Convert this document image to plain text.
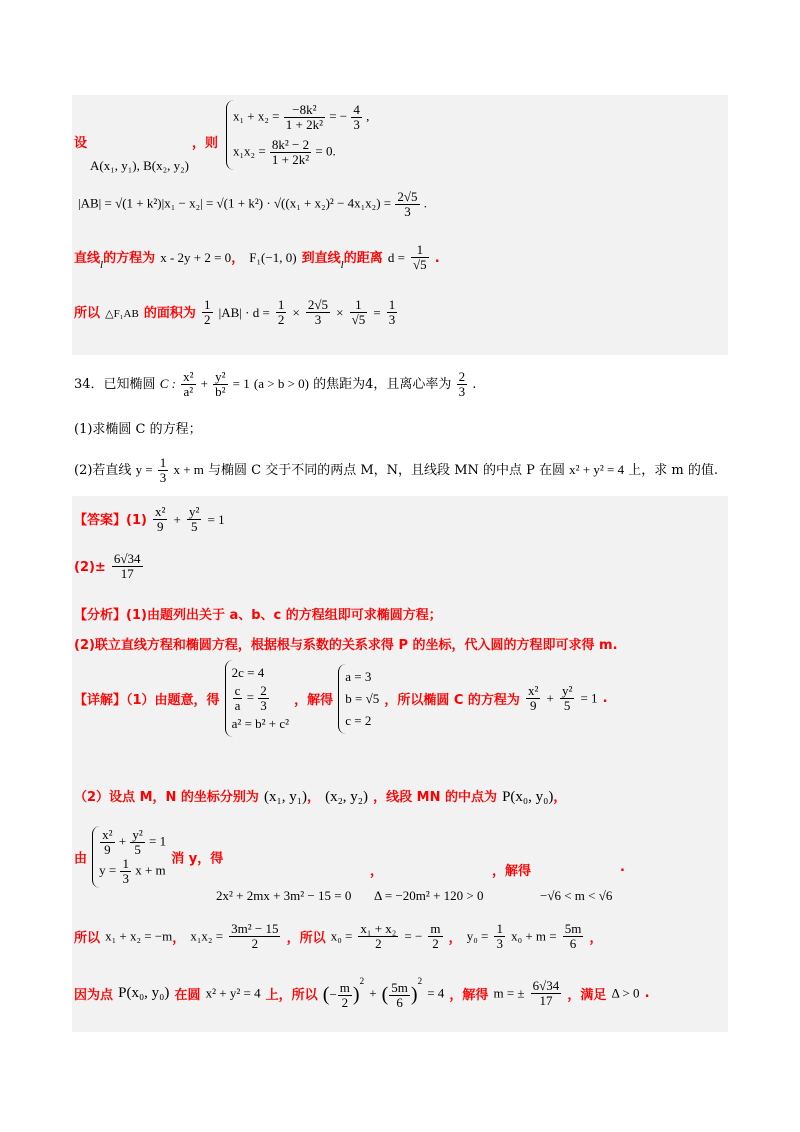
设
A(x₁, y₁), B(x₂, y₂)
，则
$x_1 + x_2 = \frac{\text{−8k²}}{\text{1 + 2k²}}$ = − $\frac{4}{3}$ ,
$x_1x_2 = \frac{\text{8k² − 2}}{\text{1 + 2k²}} = 0$.
$|AB| = √(1 + k^2)|x_1 - x_2| = √(1 + k^2) \cdot √((x_1 + x_2)^2 - 4x_1x_2) = \frac{2√5}{3}$ .
直线$_l$的方程为 x - 2y + 2 = 0， F₁(−1, 0) 到直线$_l$的距离 $d = \frac{1}{√5}$ .
所以 △F₁AB 的面积为 $\frac{1}{2} |AB| \cdot d = \frac{1}{2} \times \frac{2√5}{3} \times \frac{1}{√5} = \frac{1}{3}$
34．已知椭圆 C : $\frac{\text{x²}}{\text{a²}} + \frac{\text{y²}}{\text{b²}} = 1$ (a > b > 0) 的焦距为4，且离心率为 $\frac{2}{3}$ .
(1)求椭圆 C 的方程；
(2)若直线 $y = \frac{1}{3}$ x + m 与椭圆 C 交于不同的两点 M，N，且线段 MN 的中点 P 在圆 x² + y² = 4 上，求 m 的值.
【答案】$(1) \frac{\text{x²}}{9} + \frac{\text{y²}}{5} = 1$
$(2)\pm \frac{6√34}{17}$
【分析】(1)由题列出关于 a、b、c 的方程组即可求椭圆方程；
(2)联立直线方程和椭圆方程，根据根与系数的关系求得 P 的坐标，代入圆的方程即可求得 m.
【详解】（1）由题意，得
2c = 4
$\frac{c}{a} = \frac{2}{3}$
a² = b² + c²
，解得
a = 3
b = √5
c = 2
，所以椭圆 C 的方程为 $\frac{\text{x²}}{9} + \frac{\text{y²}}{5} = 1$ .
（2）设点 M，N 的坐标分别为 (x₁, y₁)， (x₂, y₂) ，线段 MN 的中点为 P(x₀, y₀)，
由
$\frac{\text{x²}}{9} + \frac{\text{y²}}{5} = 1$
$y = \frac{1}{3}$ x + m
消 y，得
，	，解得	.
2x² + 2mx + 3m² − 15 = 0 Δ = −20m² + 120 > 0	−√6 < m < √6
所以 x₁ + x₂ = −m， $x_1x_2 = \frac{\text{3m² − 15}}{2}$ ，所以 $x_0 = \frac{\text{x₁ + x₂}}{2}$ = − $\frac{m}{2}$ ， $y_0 = \frac{1}{3} x_0 + m = \frac{5m}{6}$ ，
因为点 P(x₀, y₀) 在圆 x² + y² = 4 上，所以 (− $\frac{m}{2} )^2$ + ( $\frac{5m}{6} )^2 = 4$ ，解得 m = ± $\frac{6√34}{17}$ ，满足 Δ > 0 .
